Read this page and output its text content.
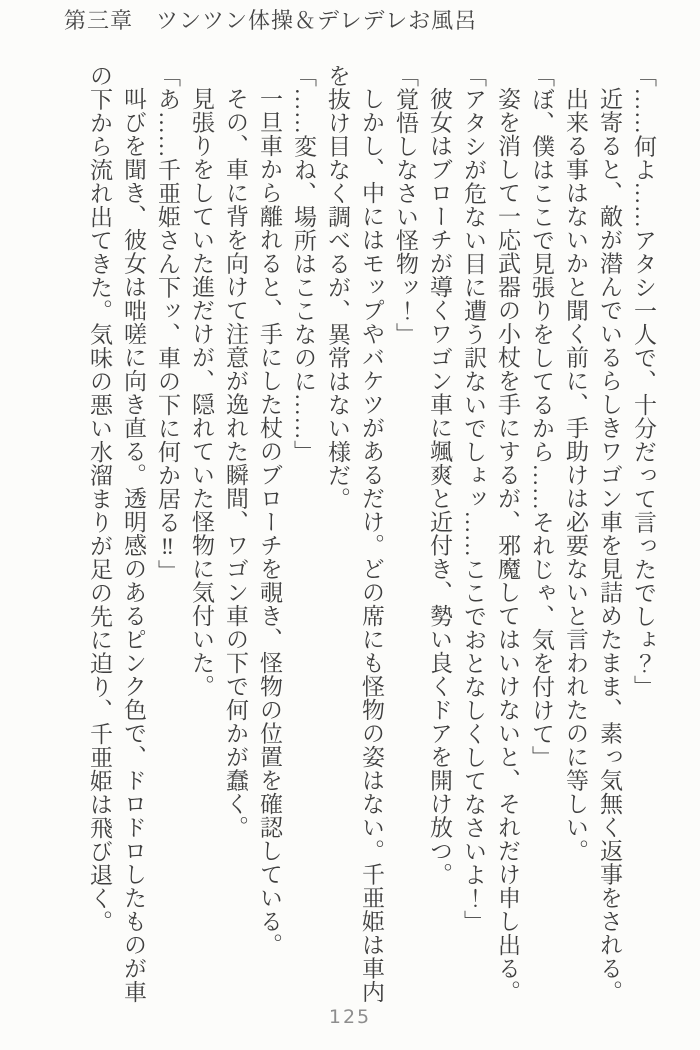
第三章　ツンツン体操＆デレデレお風呂

「……何よ……アタシ一人で、十分だって言ったでしょ？」

近寄ると、敵が潜んでいるらしきワゴン車を見詰めたまま、素っ気無く返事をされる。

出来る事はないかと聞く前に、手助けは必要ないと言われたのに等しい。

「ぼ、僕はここで見張りをしてるから……それじゃ、気を付けて」

姿を消して一応武器の小杖を手にするが、邪魔してはいけないと、それだけ申し出る。

「アタシが危ない目に遭う訳ないでしょッ……ここでおとなしくしてなさいよ！」

彼女はブローチが導くワゴン車に颯爽と近付き、勢い良くドアを開け放つ。

「覚悟しなさい怪物ッ！」

しかし、中にはモップやバケツがあるだけ。どの席にも怪物の姿はない。千亜姫は車内を抜け目なく調べるが、異常はない様だ。

「……変ね、場所はここなのに……」

一旦車から離れると、手にした杖のブローチを覗き、怪物の位置を確認している。

その、車に背を向けて注意が逸れた瞬間、ワゴン車の下で何かが蠢く。

見張りをしていた進だけが、隠れていた怪物に気付いた。

「あ……千亜姫さん下ッ、車の下に何か居る‼」

叫びを聞き、彼女は咄嗟に向き直る。透明感のあるピンク色で、ドロドロしたものが車の下から流れ出てきた。気味の悪い水溜まりが足の先に迫り、千亜姫は飛び退く。

125
